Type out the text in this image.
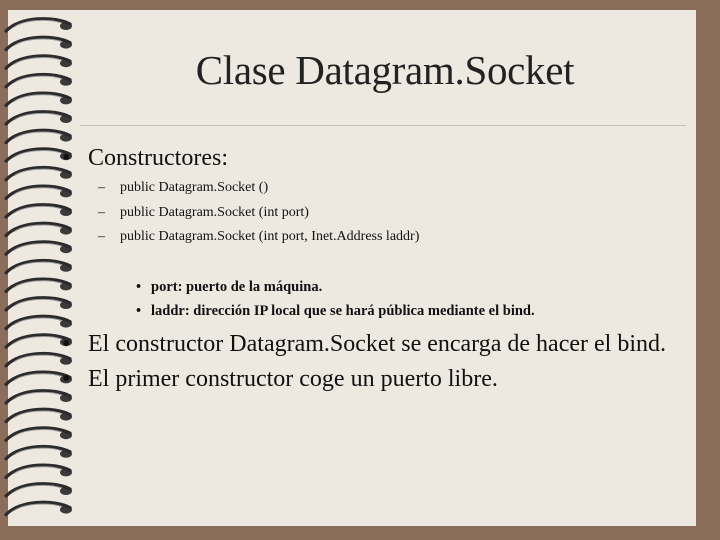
Clase Datagram.Socket
• Constructores:
– public Datagram.Socket ()
– public Datagram.Socket (int port)
– public Datagram.Socket (int port, Inet.Address laddr)
• port: puerto de la máquina.
• laddr: dirección IP local que se hará pública mediante el bind.
• El constructor Datagram.Socket se encarga de hacer el bind.
• El primer constructor coge un puerto libre.
